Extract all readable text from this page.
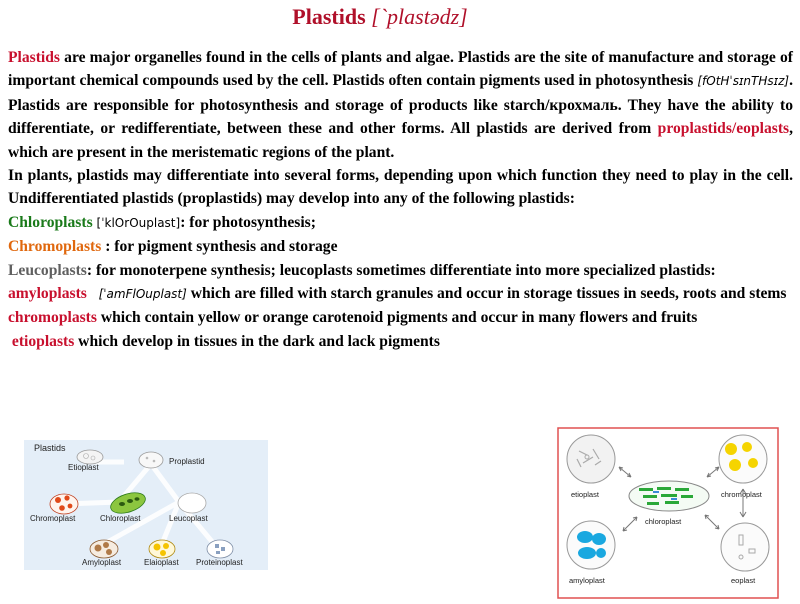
Plastids [`plastədz]

Plastids are major organelles found in the cells of plants and algae. Plastids are the site of manufacture and storage of important chemical compounds used by the cell. Plastids often contain pigments used in photosynthesis [fOtHˈsɪnTHsɪz]. Plastids are responsible for photosynthesis and storage of products like starch/крохмаль. They have the ability to differentiate, or redifferentiate, between these and other forms. All plastids are derived from proplastids/eoplasts, which are present in the meristematic regions of the plant.

In plants, plastids may differentiate into several forms, depending upon which function they need to play in the cell. Undifferentiated plastids (proplastids) may develop into any of the following plastids:

Chloroplasts [ˈklOrOuplast]: for photosynthesis;

Chromoplasts : for pigment synthesis and storage

Leucoplasts: for monoterpene synthesis; leucoplasts sometimes differentiate into more specialized plastids:

amyloplasts [ˈamFlOuplast] which are filled with starch granules and occur in storage tissues in seeds, roots and stems

chromoplasts which contain yellow or orange carotenoid pigments and occur in many flowers and fruits

etioplasts which develop in tissues in the dark and lack pigments

Plastids
Etioplast
Proplastid
Chromoplast	Chloroplast	Leucoplast
Amyloplast	Elaioplast Proteinoplast
etioplast	chromoplast
chloroplast
amyloplast	eoplast
